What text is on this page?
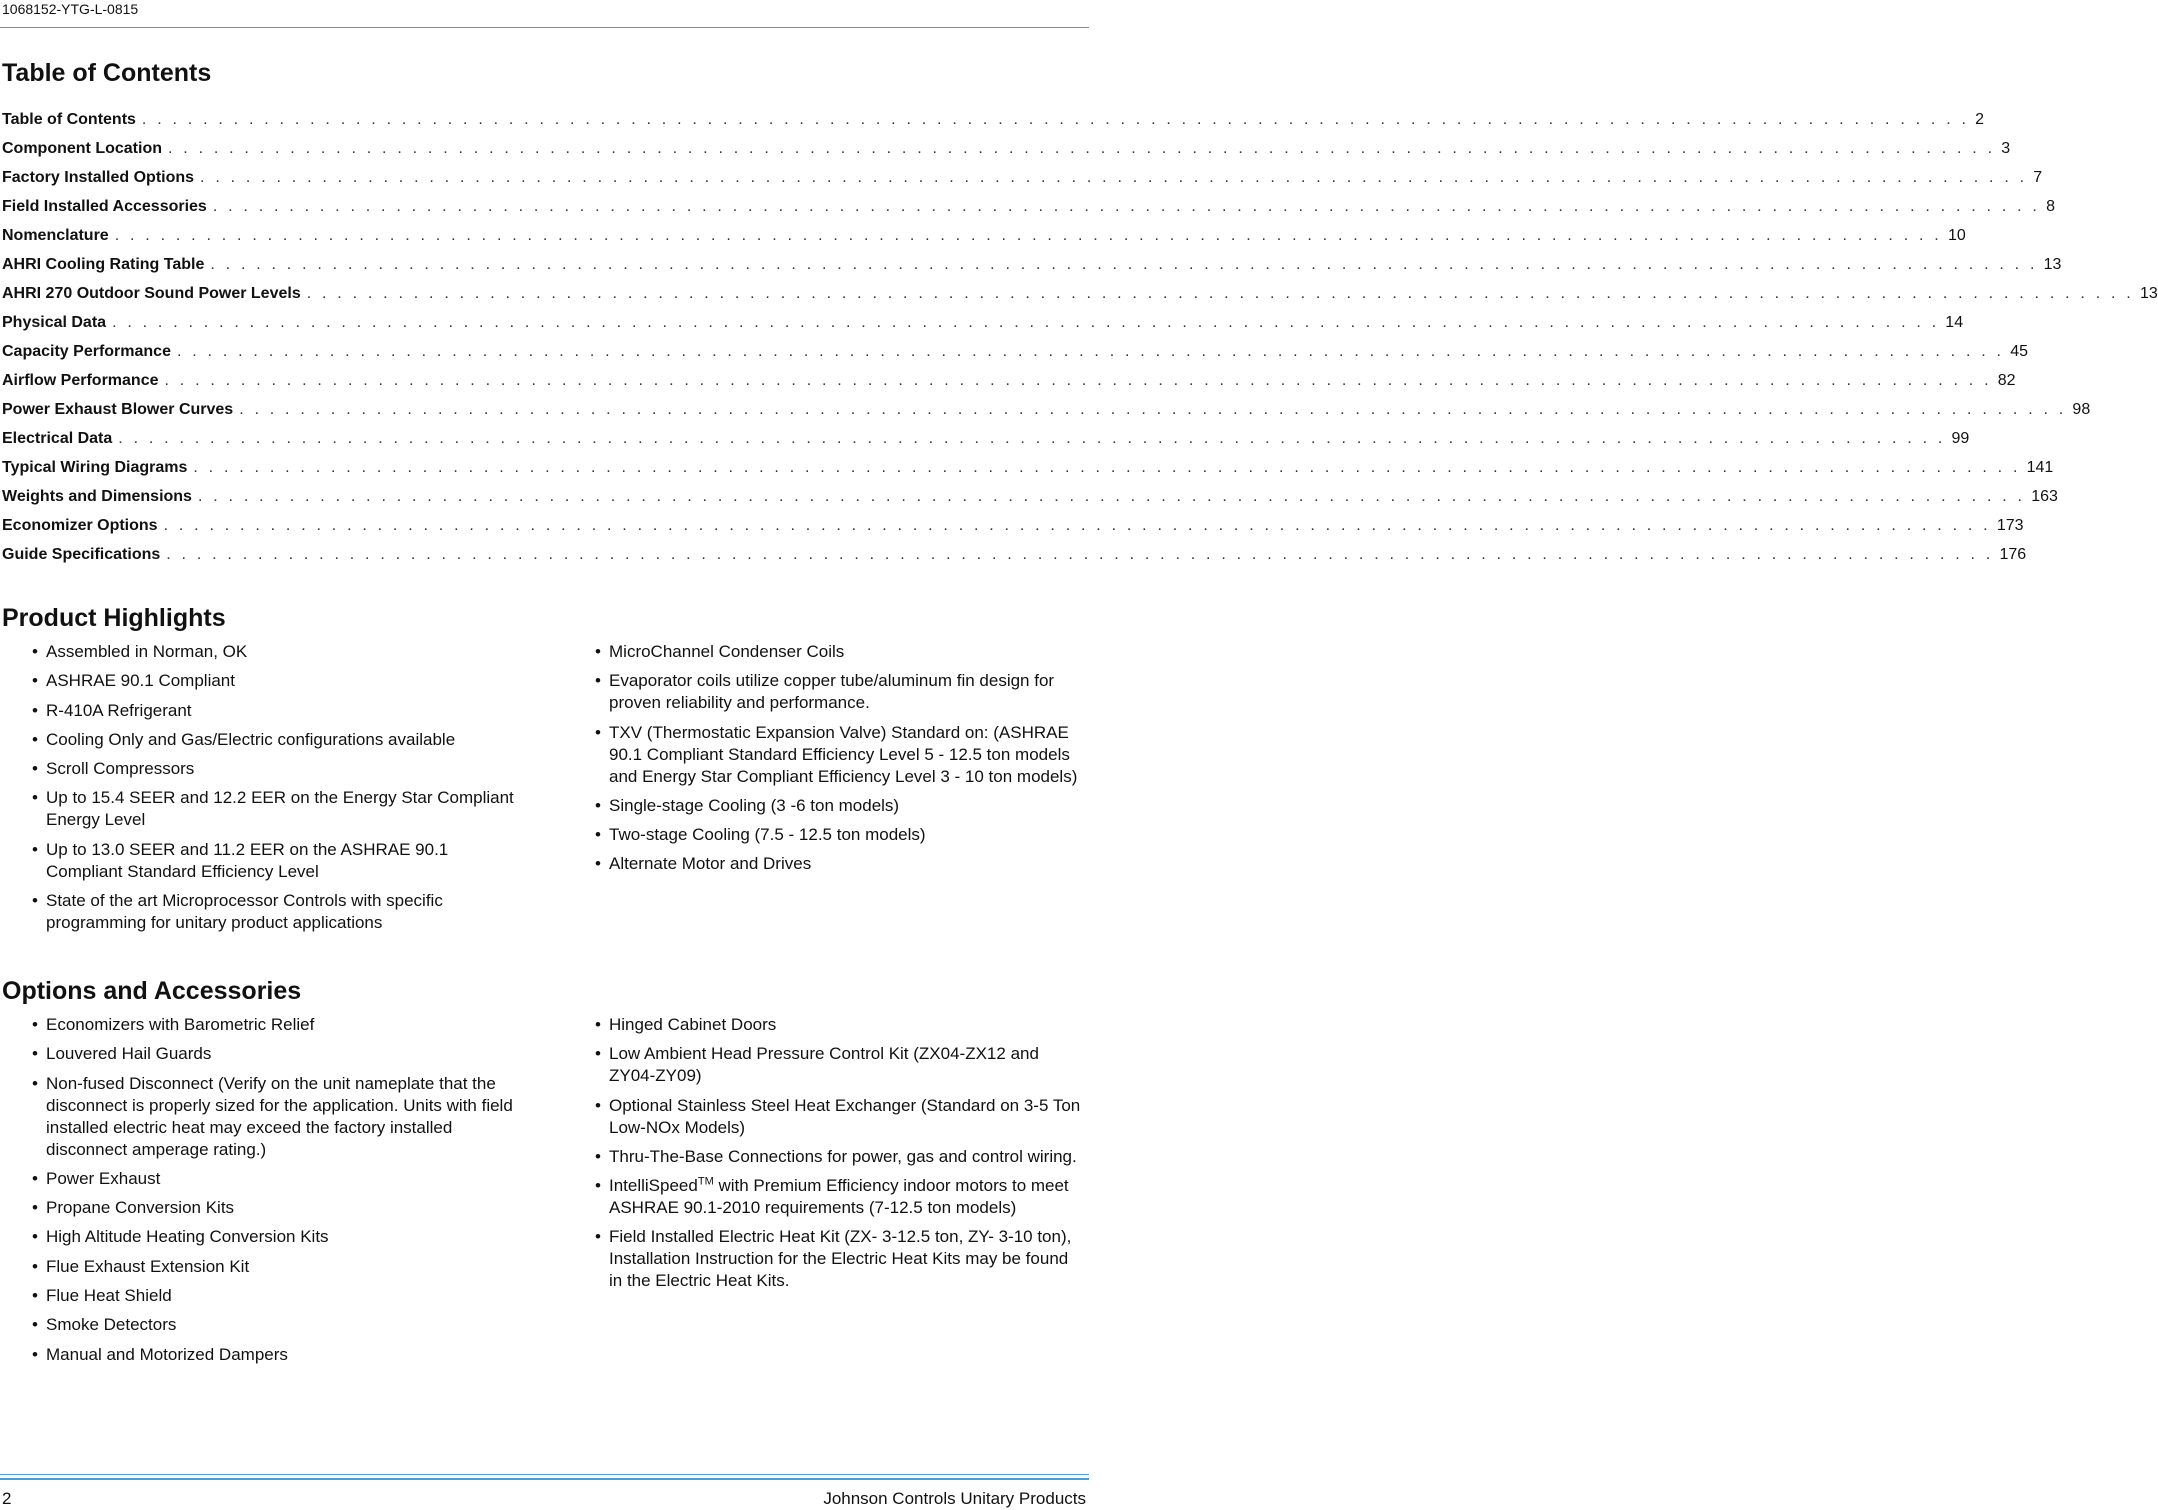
1068152-YTG-L-0815
Table of Contents
Table of Contents . . . . . . . . . . . . . . . . . . . . . . . . . . . . . . . . . . . . . . . . . . . . . . . . . . . . . . . . . . . . . . . . . . . . . . . . . . . . . . . . . . . . . . . . . . . . . . . . . . . . . . . . . . . . . . . . . . . . . . . . 2
Component Location . . . . . . . . . . . . . . . . . . . . . . . . . . . . . . . . . . . . . . . . . . . . . . . . . . . . . . . . . . . . . . . . . . . . . . . . . . . . . . . . . . . . . . . . . . . . . . . . . . . . . . . . . . . . . . . . . . . . . . . . 3
Factory Installed Options . . . . . . . . . . . . . . . . . . . . . . . . . . . . . . . . . . . . . . . . . . . . . . . . . . . . . . . . . . . . . . . . . . . . . . . . . . . . . . . . . . . . . . . . . . . . . . . . . . . . . . . . . . . . . . . . . . . . . . . . 7
Field Installed Accessories . . . . . . . . . . . . . . . . . . . . . . . . . . . . . . . . . . . . . . . . . . . . . . . . . . . . . . . . . . . . . . . . . . . . . . . . . . . . . . . . . . . . . . . . . . . . . . . . . . . . . . . . . . . . . . . . . . . . . . . . 8
Nomenclature . . . . . . . . . . . . . . . . . . . . . . . . . . . . . . . . . . . . . . . . . . . . . . . . . . . . . . . . . . . . . . . . . . . . . . . . . . . . . . . . . . . . . . . . . . . . . . . . . . . . . . . . . . . . . . . . . . . . . . . . 10
AHRI Cooling Rating Table . . . . . . . . . . . . . . . . . . . . . . . . . . . . . . . . . . . . . . . . . . . . . . . . . . . . . . . . . . . . . . . . . . . . . . . . . . . . . . . . . . . . . . . . . . . . . . . . . . . . . . . . . . . . . . . . . . . . . . . . 13
AHRI 270 Outdoor Sound Power Levels . . . . . . . . . . . . . . . . . . . . . . . . . . . . . . . . . . . . . . . . . . . . . . . . . . . . . . . . . . . . . . . . . . . . . . . . . . . . . . . . . . . . . . . . . . . . . . . . . . . . . . . . . . . . . . . . . . . . . . . . 13
Physical Data . . . . . . . . . . . . . . . . . . . . . . . . . . . . . . . . . . . . . . . . . . . . . . . . . . . . . . . . . . . . . . . . . . . . . . . . . . . . . . . . . . . . . . . . . . . . . . . . . . . . . . . . . . . . . . . . . . . . . . . . 14
Capacity Performance . . . . . . . . . . . . . . . . . . . . . . . . . . . . . . . . . . . . . . . . . . . . . . . . . . . . . . . . . . . . . . . . . . . . . . . . . . . . . . . . . . . . . . . . . . . . . . . . . . . . . . . . . . . . . . . . . . . . . . . . 45
Airflow Performance . . . . . . . . . . . . . . . . . . . . . . . . . . . . . . . . . . . . . . . . . . . . . . . . . . . . . . . . . . . . . . . . . . . . . . . . . . . . . . . . . . . . . . . . . . . . . . . . . . . . . . . . . . . . . . . . . . . . . . . . 82
Power Exhaust Blower Curves . . . . . . . . . . . . . . . . . . . . . . . . . . . . . . . . . . . . . . . . . . . . . . . . . . . . . . . . . . . . . . . . . . . . . . . . . . . . . . . . . . . . . . . . . . . . . . . . . . . . . . . . . . . . . . . . . . . . . . . . 98
Electrical Data . . . . . . . . . . . . . . . . . . . . . . . . . . . . . . . . . . . . . . . . . . . . . . . . . . . . . . . . . . . . . . . . . . . . . . . . . . . . . . . . . . . . . . . . . . . . . . . . . . . . . . . . . . . . . . . . . . . . . . . . 99
Typical Wiring Diagrams . . . . . . . . . . . . . . . . . . . . . . . . . . . . . . . . . . . . . . . . . . . . . . . . . . . . . . . . . . . . . . . . . . . . . . . . . . . . . . . . . . . . . . . . . . . . . . . . . . . . . . . . . . . . . . . . . . . . . . . . 141
Weights and Dimensions . . . . . . . . . . . . . . . . . . . . . . . . . . . . . . . . . . . . . . . . . . . . . . . . . . . . . . . . . . . . . . . . . . . . . . . . . . . . . . . . . . . . . . . . . . . . . . . . . . . . . . . . . . . . . . . . . . . . . . . . 163
Economizer Options . . . . . . . . . . . . . . . . . . . . . . . . . . . . . . . . . . . . . . . . . . . . . . . . . . . . . . . . . . . . . . . . . . . . . . . . . . . . . . . . . . . . . . . . . . . . . . . . . . . . . . . . . . . . . . . . . . . . . . . . 173
Guide Specifications . . . . . . . . . . . . . . . . . . . . . . . . . . . . . . . . . . . . . . . . . . . . . . . . . . . . . . . . . . . . . . . . . . . . . . . . . . . . . . . . . . . . . . . . . . . . . . . . . . . . . . . . . . . . . . . . . . . . . . . . 176
Product Highlights
• Assembled in Norman, OK
• ASHRAE 90.1 Compliant
• R-410A Refrigerant
• Cooling Only and Gas/Electric configurations available
• Scroll Compressors
• Up to 15.4 SEER and 12.2 EER on the Energy Star Compliant Energy Level
• Up to 13.0 SEER and 11.2 EER on the ASHRAE 90.1 Compliant Standard Efficiency Level
• State of the art Microprocessor Controls with specific programming for unitary product applications
• MicroChannel Condenser Coils
• Evaporator coils utilize copper tube/aluminum fin design for proven reliability and performance.
• TXV (Thermostatic Expansion Valve) Standard on: (ASHRAE 90.1 Compliant Standard Efficiency Level 5 - 12.5 ton models and Energy Star Compliant Efficiency Level 3 - 10 ton models)
• Single-stage Cooling (3 -6 ton models)
• Two-stage Cooling (7.5 - 12.5 ton models)
• Alternate Motor and Drives
Options and Accessories
• Economizers with Barometric Relief
• Louvered Hail Guards
• Non-fused Disconnect (Verify on the unit nameplate that the disconnect is properly sized for the application. Units with field installed electric heat may exceed the factory installed disconnect amperage rating.)
• Power Exhaust
• Propane Conversion Kits
• High Altitude Heating Conversion Kits
• Flue Exhaust Extension Kit
• Flue Heat Shield
• Smoke Detectors
• Manual and Motorized Dampers
• Hinged Cabinet Doors
• Low Ambient Head Pressure Control Kit (ZX04-ZX12 and ZY04-ZY09)
• Optional Stainless Steel Heat Exchanger (Standard on 3-5 Ton Low-NOx Models)
• Thru-The-Base Connections for power, gas and control wiring.
• IntelliSpeed™ with Premium Efficiency indoor motors to meet ASHRAE 90.1-2010 requirements (7-12.5 ton models)
• Field Installed Electric Heat Kit (ZX- 3-12.5 ton, ZY- 3-10 ton), Installation Instruction for the Electric Heat Kits may be found in the Electric Heat Kits.
2	Johnson Controls Unitary Products
